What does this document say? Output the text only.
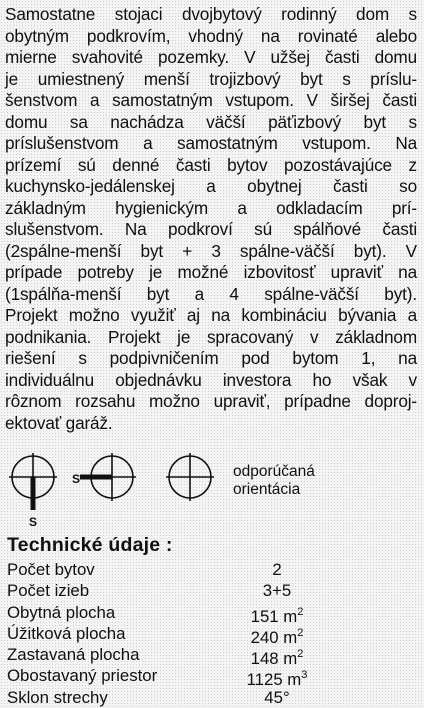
Samostatne stojaci dvojbytový rodinný dom s
obytným podkrovím, vhodný na rovinaté alebo
mierne svahovité pozemky. V užšej časti domu
je umiestnený menší trojizbový byt s príslu-
šenstvom a samostatným vstupom. V širšej časti
domu sa nachádza väčší päťizbový byt s
príslušenstvom a samostatným vstupom. Na
prízemí sú denné časti bytov pozostávajúce z
kuchynsko-jedálenskej a obytnej časti so
základným hygienickým a odkladacím prí-
slušenstvom. Na podkroví sú spálňové časti
(2spálne-menší byt + 3 spálne-väčší byt). V
prípade potreby je možné izbovitosť upraviť na
(1spálňa-menší byt a 4 spálne-väčší byt).
Projekt možno využiť aj na kombináciu bývania a
podnikania. Projekt je spracovaný v základnom
riešení s podpivničením pod bytom 1, na
individuálnu objednávku investora ho však v
rôznom rozsahu možno upraviť, prípadne doproj-
ektovať garáž.
S
S	odporúčaná
orientácia
Technické údaje :
Počet bytov	2
Počet izieb	3+5
Obytná plocha	151 $m^2$
Úžitková plocha	240 $m^2$
Zastavaná plocha	148 $m^2$
Obostavaný priestor	1125 $m^3$
Sklon strechy	45°
